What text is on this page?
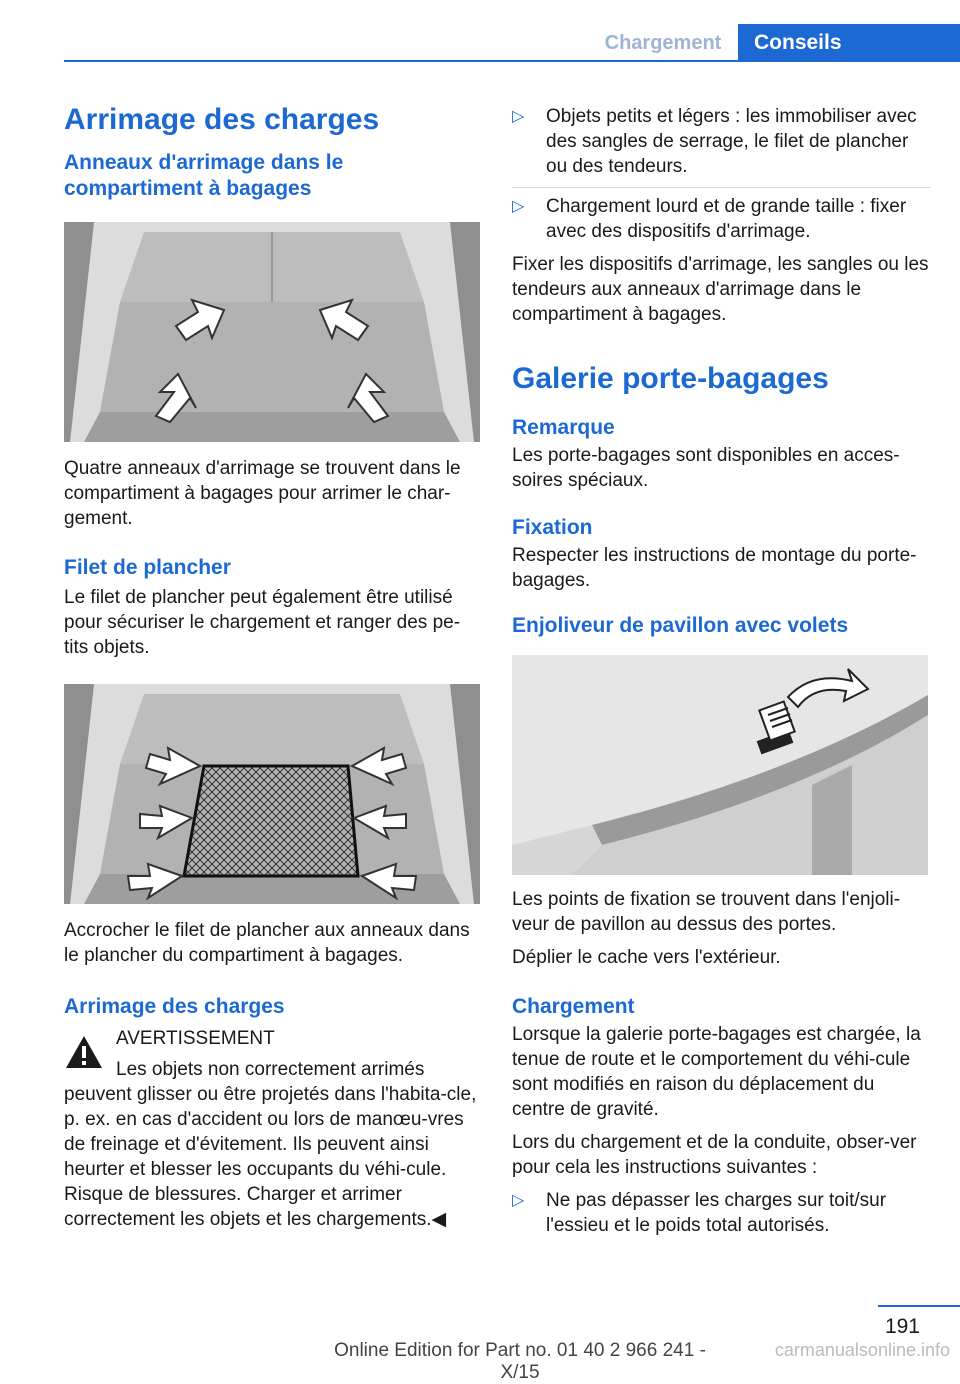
Chargement	Conseils
Arrimage des charges
Anneaux d'arrimage dans le compartiment à bagages

Quatre anneaux d'arrimage se trouvent dans le compartiment à bagages pour arrimer le char-gement.

Filet de plancher

Le filet de plancher peut également être utilisé pour sécuriser le chargement et ranger des pe-tits objets.

Accrocher le filet de plancher aux anneaux dans le plancher du compartiment à bagages.

Arrimage des charges

AVERTISSEMENT

Les objets non correctement arrimés peuvent glisser ou être projetés dans l'habita-cle, p. ex. en cas d'accident ou lors de manœu-vres de freinage et d'évitement. Ils peuvent ainsi heurter et blesser les occupants du véhi-cule. Risque de blessures. Charger et arrimer correctement les objets et les chargements.◀

▷ Objets petits et légers : les immobiliser avec des sangles de serrage, le filet de plancher ou des tendeurs.
▷ Chargement lourd et de grande taille : fixer avec des dispositifs d'arrimage.

Fixer les dispositifs d'arrimage, les sangles ou les tendeurs aux anneaux d'arrimage dans le compartiment à bagages.

Galerie porte-bagages
Remarque

Les porte-bagages sont disponibles en acces-soires spéciaux.

Fixation

Respecter les instructions de montage du porte-bagages.

Enjoliveur de pavillon avec volets

Les points de fixation se trouvent dans l'enjoli-veur de pavillon au dessus des portes.

Déplier le cache vers l'extérieur.

Chargement

Lorsque la galerie porte-bagages est chargée, la tenue de route et le comportement du véhi-cule sont modifiés en raison du déplacement du centre de gravité.

Lors du chargement et de la conduite, obser-ver pour cela les instructions suivantes :

▷ Ne pas dépasser les charges sur toit/sur l'essieu et le poids total autorisés.
191
Online Edition for Part no. 01 40 2 966 241 - X/15
carmanualsonline.info
